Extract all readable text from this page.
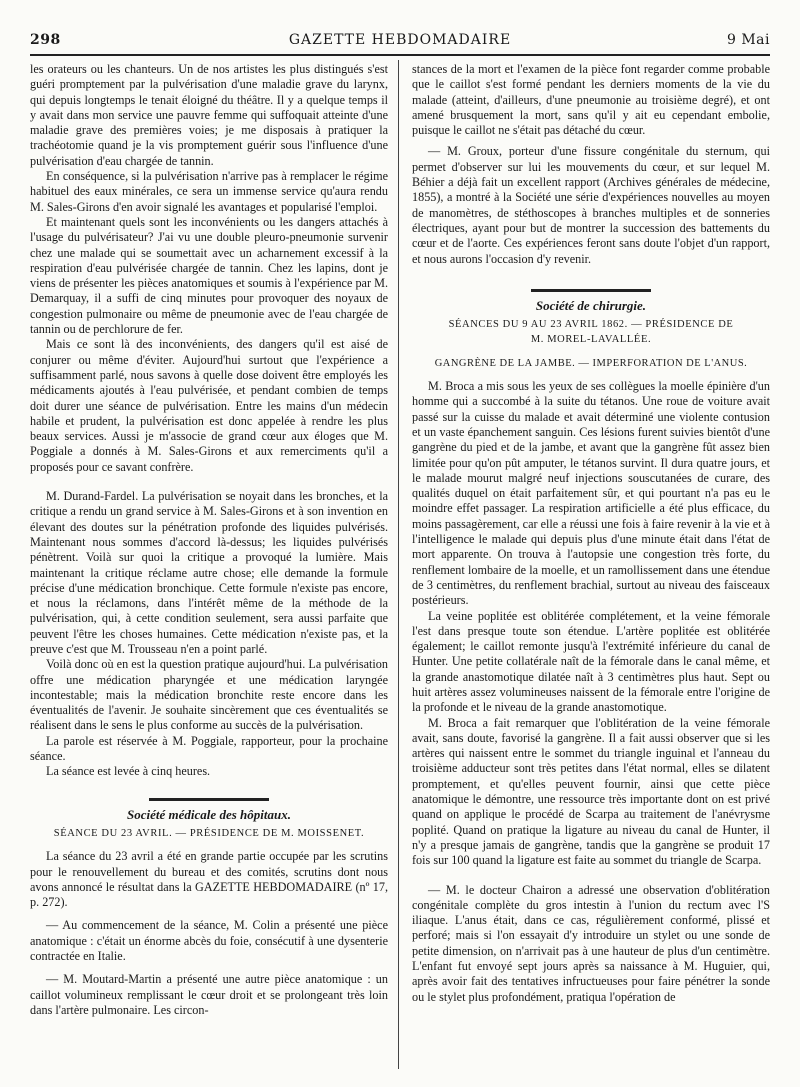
298	GAZETTE HEBDOMADAIRE	9 Mai

les orateurs ou les chanteurs. Un de nos artistes les plus distingués s'est guéri promptement par la pulvérisation d'une maladie grave du larynx, qui depuis longtemps le tenait éloigné du théâtre. Il y a quelque temps il y avait dans mon service une pauvre femme qui suffoquait atteinte d'une maladie grave des premières voies; je me disposais à pratiquer la trachéotomie quand je la vis promptement guérir sous l'influence d'une pulvérisation d'eau chargée de tannin.

En conséquence, si la pulvérisation n'arrive pas à remplacer le régime habituel des eaux minérales, ce sera un immense service qu'aura rendu M. Sales-Girons d'en avoir signalé les avantages et popularisé l'emploi.

Et maintenant quels sont les inconvénients ou les dangers attachés à l'usage du pulvérisateur? J'ai vu une double pleuro-pneumonie survenir chez une malade qui se soumettait avec un acharnement excessif à la respiration d'eau pulvérisée chargée de tannin. Chez les lapins, dont je viens de présenter les pièces anatomiques et soumis à l'expérience par M. Demarquay, il a suffi de cinq minutes pour provoquer des noyaux de congestion pulmonaire ou même de pneumonie avec de l'eau chargée de tannin ou de perchlorure de fer.

Mais ce sont là des inconvénients, des dangers qu'il est aisé de conjurer ou même d'éviter. Aujourd'hui surtout que l'expérience a suffisamment parlé, nous savons à quelle dose doivent être employés les médicaments ajoutés à l'eau pulvérisée, et pendant combien de temps doit durer une séance de pulvérisation. Entre les mains d'un médecin habile et prudent, la pulvérisation est donc appelée à rendre les plus beaux services. Aussi je m'associe de grand cœur aux éloges que M. Poggiale a donnés à M. Sales-Girons et aux remerciments qu'il a proposés pour ce savant confrère.

M. Durand-Fardel. La pulvérisation se noyait dans les bronches, et la critique a rendu un grand service à M. Sales-Girons et à son invention en élevant des doutes sur la pénétration profonde des liquides pulvérisés. Maintenant nous sommes d'accord là-dessus; les liquides pulvérisés pénètrent. Voilà sur quoi la critique a provoqué la lumière. Mais maintenant la critique réclame autre chose; elle demande la formule précise d'une médication bronchique. Cette formule n'existe pas encore, et nous la réclamons, dans l'intérêt même de la méthode de la pulvérisation, qui, à cette condition seulement, sera aussi parfaite que peuvent l'être les choses humaines. Cette médication n'existe pas, et la preuve c'est que M. Trousseau n'en a point parlé.

Voilà donc où en est la question pratique aujourd'hui. La pulvérisation offre une médication pharyngée et une médication laryngée incontestable; mais la médication bronchite reste encore dans les éventualités de l'avenir. Je souhaite sincèrement que ces éventualités se réalisent dans le sens le plus conforme au succès de la pulvérisation.

La parole est réservée à M. Poggiale, rapporteur, pour la prochaine séance.

La séance est levée à cinq heures.

Société médicale des hôpitaux.
SÉANCE DU 23 AVRIL. — PRÉSIDENCE DE M. MOISSENET.

La séance du 23 avril a été en grande partie occupée par les scrutins pour le renouvellement du bureau et des comités, scrutins dont nous avons annoncé le résultat dans la GAZETTE HEBDOMADAIRE (nº 17, p. 272).

— Au commencement de la séance, M. Colin a présenté une pièce anatomique : c'était un énorme abcès du foie, consécutif à une dysenterie contractée en Italie.

— M. Moutard-Martin a présenté une autre pièce anatomique : un caillot volumineux remplissant le cœur droit et se prolongeant très loin dans l'artère pulmonaire. Les circon-

stances de la mort et l'examen de la pièce font regarder comme probable que le caillot s'est formé pendant les derniers moments de la vie du malade (atteint, d'ailleurs, d'une pneumonie au troisième degré), et ont amené brusquement la mort, sans qu'il y ait eu cependant embolie, puisque le caillot ne s'était pas détaché du cœur.

— M. Groux, porteur d'une fissure congénitale du sternum, qui permet d'observer sur lui les mouvements du cœur, et sur lequel M. Béhier a déjà fait un excellent rapport (Archives générales de médecine, 1855), a montré à la Société une série d'expériences nouvelles au moyen de manomètres, de stéthoscopes à branches multiples et de sonneries électriques, ayant pour but de montrer la succession des battements du cœur et de l'aorte. Ces expériences feront sans doute l'objet d'un rapport, et nous aurons l'occasion d'y revenir.

Société de chirurgie.
SÉANCES DU 9 AU 23 AVRIL 1862. — PRÉSIDENCE DE
M. MOREL-LAVALLÉE.
GANGRÈNE DE LA JAMBE. — IMPERFORATION DE L'ANUS.

M. Broca a mis sous les yeux de ses collègues la moelle épinière d'un homme qui a succombé à la suite du tétanos. Une roue de voiture avait passé sur la cuisse du malade et avait déterminé une violente contusion et un vaste épanchement sanguin. Ces lésions furent suivies bientôt d'une gangrène du pied et de la jambe, et avant que la gangrène fût assez bien limitée pour qu'on pût amputer, le tétanos survint. Il dura quatre jours, et le malade mourut malgré neuf injections souscutanées de curare, des qualités duquel on était parfaitement sûr, et qui pourtant n'a pas eu le moindre effet passager. La respiration artificielle a été plus efficace, du moins passagèrement, car elle a réussi une fois à faire revenir à la vie et à l'intelligence le malade qui depuis plus d'une minute était dans l'état de mort apparente. On trouva à l'autopsie une congestion très forte, du renflement lombaire de la moelle, et un ramollissement dans une étendue de 3 centimètres, du renflement brachial, surtout au niveau des faisceaux postérieurs.

La veine poplitée est oblitérée complétement, et la veine fémorale l'est dans presque toute son étendue. L'artère poplitée est oblitérée également; le caillot remonte jusqu'à l'extrémité inférieure du canal de Hunter. Une petite collatérale naît de la fémorale dans le canal même, et la grande anastomotique dilatée naît à 3 centimètres plus haut. Sept ou huit artères assez volumineuses naissent de la fémorale entre l'origine de la profonde et le niveau de la grande anastomotique.

M. Broca a fait remarquer que l'oblitération de la veine fémorale avait, sans doute, favorisé la gangrène. Il a fait aussi observer que si les artères qui naissent entre le sommet du triangle inguinal et l'anneau du troisième adducteur sont très petites dans l'état normal, elles se dilatent promptement, et qu'elles peuvent fournir, ainsi que cette pièce anatomique le démontre, une ressource très importante dont on est privé quand on applique le procédé de Scarpa au traitement de l'anévrysme poplité. Quand on pratique la ligature au niveau du canal de Hunter, il n'y a presque jamais de gangrène, tandis que la gangrène se produit 17 fois sur 100 quand la ligature est faite au sommet du triangle de Scarpa.

— M. le docteur Chairon a adressé une observation d'oblitération congénitale complète du gros intestin à l'union du rectum avec l'S iliaque. L'anus était, dans ce cas, régulièrement conformé, plissé et perforé; mais si l'on essayait d'y introduire un stylet ou une sonde de petite dimension, on n'arrivait pas à une hauteur de plus d'un centimètre. L'enfant fut envoyé sept jours après sa naissance à M. Huguier, qui, après avoir fait des tentatives infructueuses pour faire pénétrer la sonde ou le stylet plus profondément, pratiqua l'opération de
